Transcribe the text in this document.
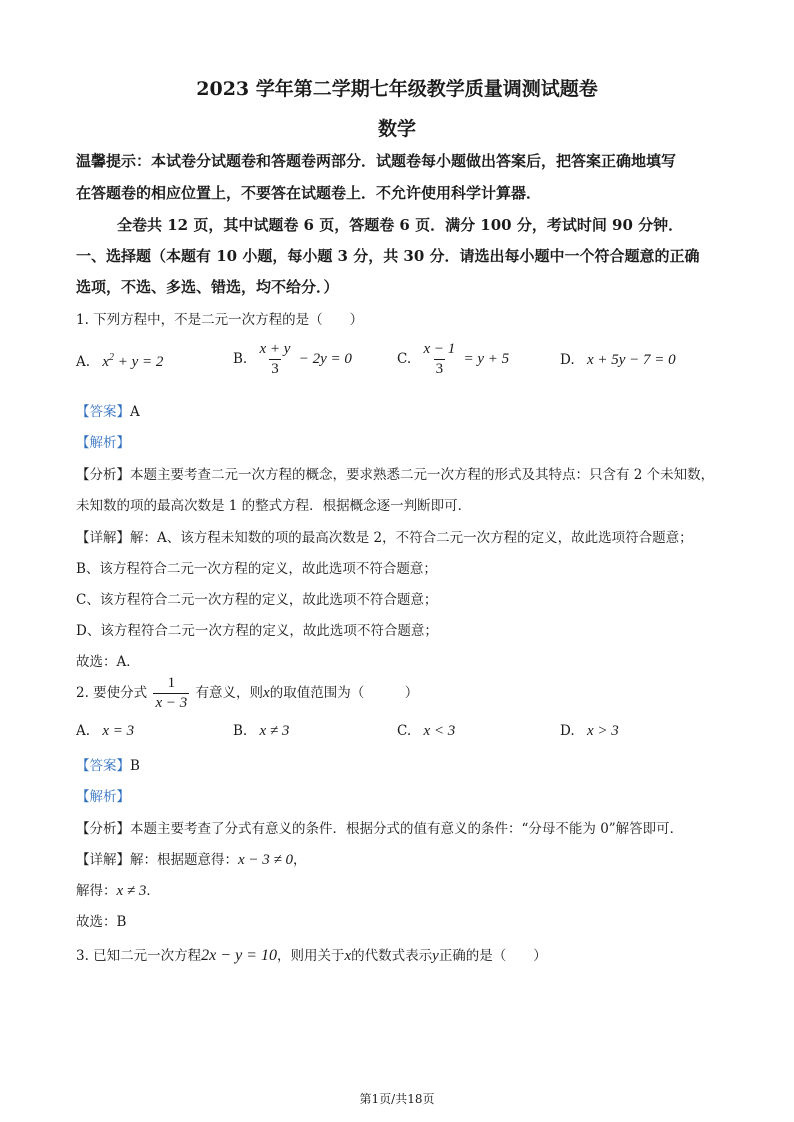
2023 学年第二学期七年级教学质量调测试题卷
数学
温馨提示：本试卷分试题卷和答题卷两部分．试题卷每小题做出答案后，把答案正确地填写
在答题卷的相应位置上，不要答在试题卷上．不允许使用科学计算器．
全卷共 12 页，其中试题卷 6 页，答题卷 6 页．满分 100 分，考试时间 90 分钟．
一、选择题（本题有 10 小题，每小题 3 分，共 30 分．请选出每小题中一个符合题意的正确
选项，不选、多选、错选，均不给分．）
1. 下列方程中，不是二元一次方程的是（　　）
A. $x^2 + y = 2$	B. $\frac{x + y}{3} - 2y = 0$	C. $\frac{x - 1}{3} = y + 5$	D. x + 5y − 7 = 0
【答案】A
【解析】
【分析】本题主要考查二元一次方程的概念，要求熟悉二元一次方程的形式及其特点：只含有 2 个未知数，
未知数的项的最高次数是 1 的整式方程．根据概念逐一判断即可．
【详解】解：A、该方程未知数的项的最高次数是 2，不符合二元一次方程的定义，故此选项符合题意；
B、该方程符合二元一次方程的定义，故此选项不符合题意；
C、该方程符合二元一次方程的定义，故此选项不符合题意；
D、该方程符合二元一次方程的定义，故此选项不符合题意；
故选：A．
2. 要使分式 $\frac{1}{x - 3}$ 有意义，则x的取值范围为（　　　）
A. x = 3	B. x ≠ 3	C. x < 3	D. x > 3
【答案】B
【解析】
【分析】本题主要考查了分式有意义的条件．根据分式的值有意义的条件：“分母不能为 0”解答即可．
【详解】解：根据题意得：x − 3 ≠ 0，
解得：x ≠ 3．
故选：B
3. 已知二元一次方程2x − y = 10，则用关于x的代数式表示y正确的是（　　）
第1页/共18页
